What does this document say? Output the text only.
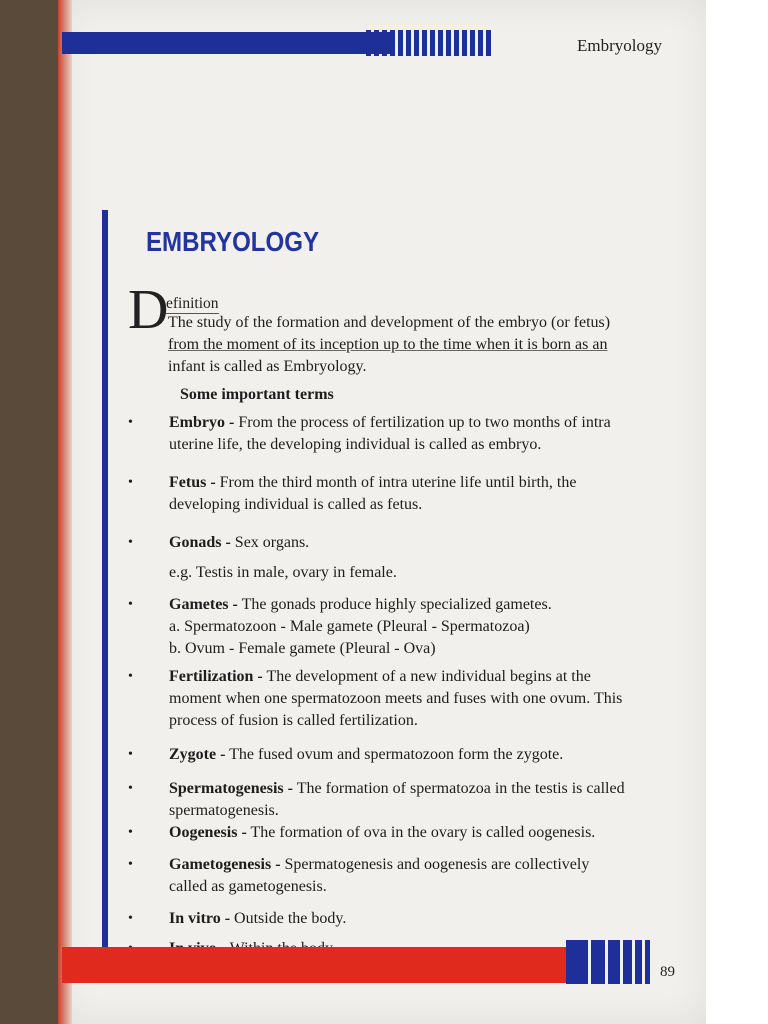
Embryology
EMBRYOLOGY
D
efinition
The study of the formation and development of the embryo (or fetus)
from the moment of its inception up to the time when it is born as an
infant is called as Embryology.
Some important terms
• Embryo - From the process of fertilization up to two months of intra
uterine life, the developing individual is called as embryo.
• Fetus - From the third month of intra uterine life until birth, the
developing individual is called as fetus.
• Gonads - Sex organs.
e.g. Testis in male, ovary in female.
• Gametes - The gonads produce highly specialized gametes.
a. Spermatozoon - Male gamete (Pleural - Spermatozoa)
b. Ovum - Female gamete (Pleural - Ova)
• Fertilization - The development of a new individual begins at the
moment when one spermatozoon meets and fuses with one ovum. This
process of fusion is called fertilization.
• Zygote - The fused ovum and spermatozoon form the zygote.
• Spermatogenesis - The formation of spermatozoa in the testis is called
spermatogenesis.
• Oogenesis - The formation of ova in the ovary is called oogenesis.
• Gametogenesis - Spermatogenesis and oogenesis are collectively
called as gametogenesis.
• In vitro - Outside the body.
89
